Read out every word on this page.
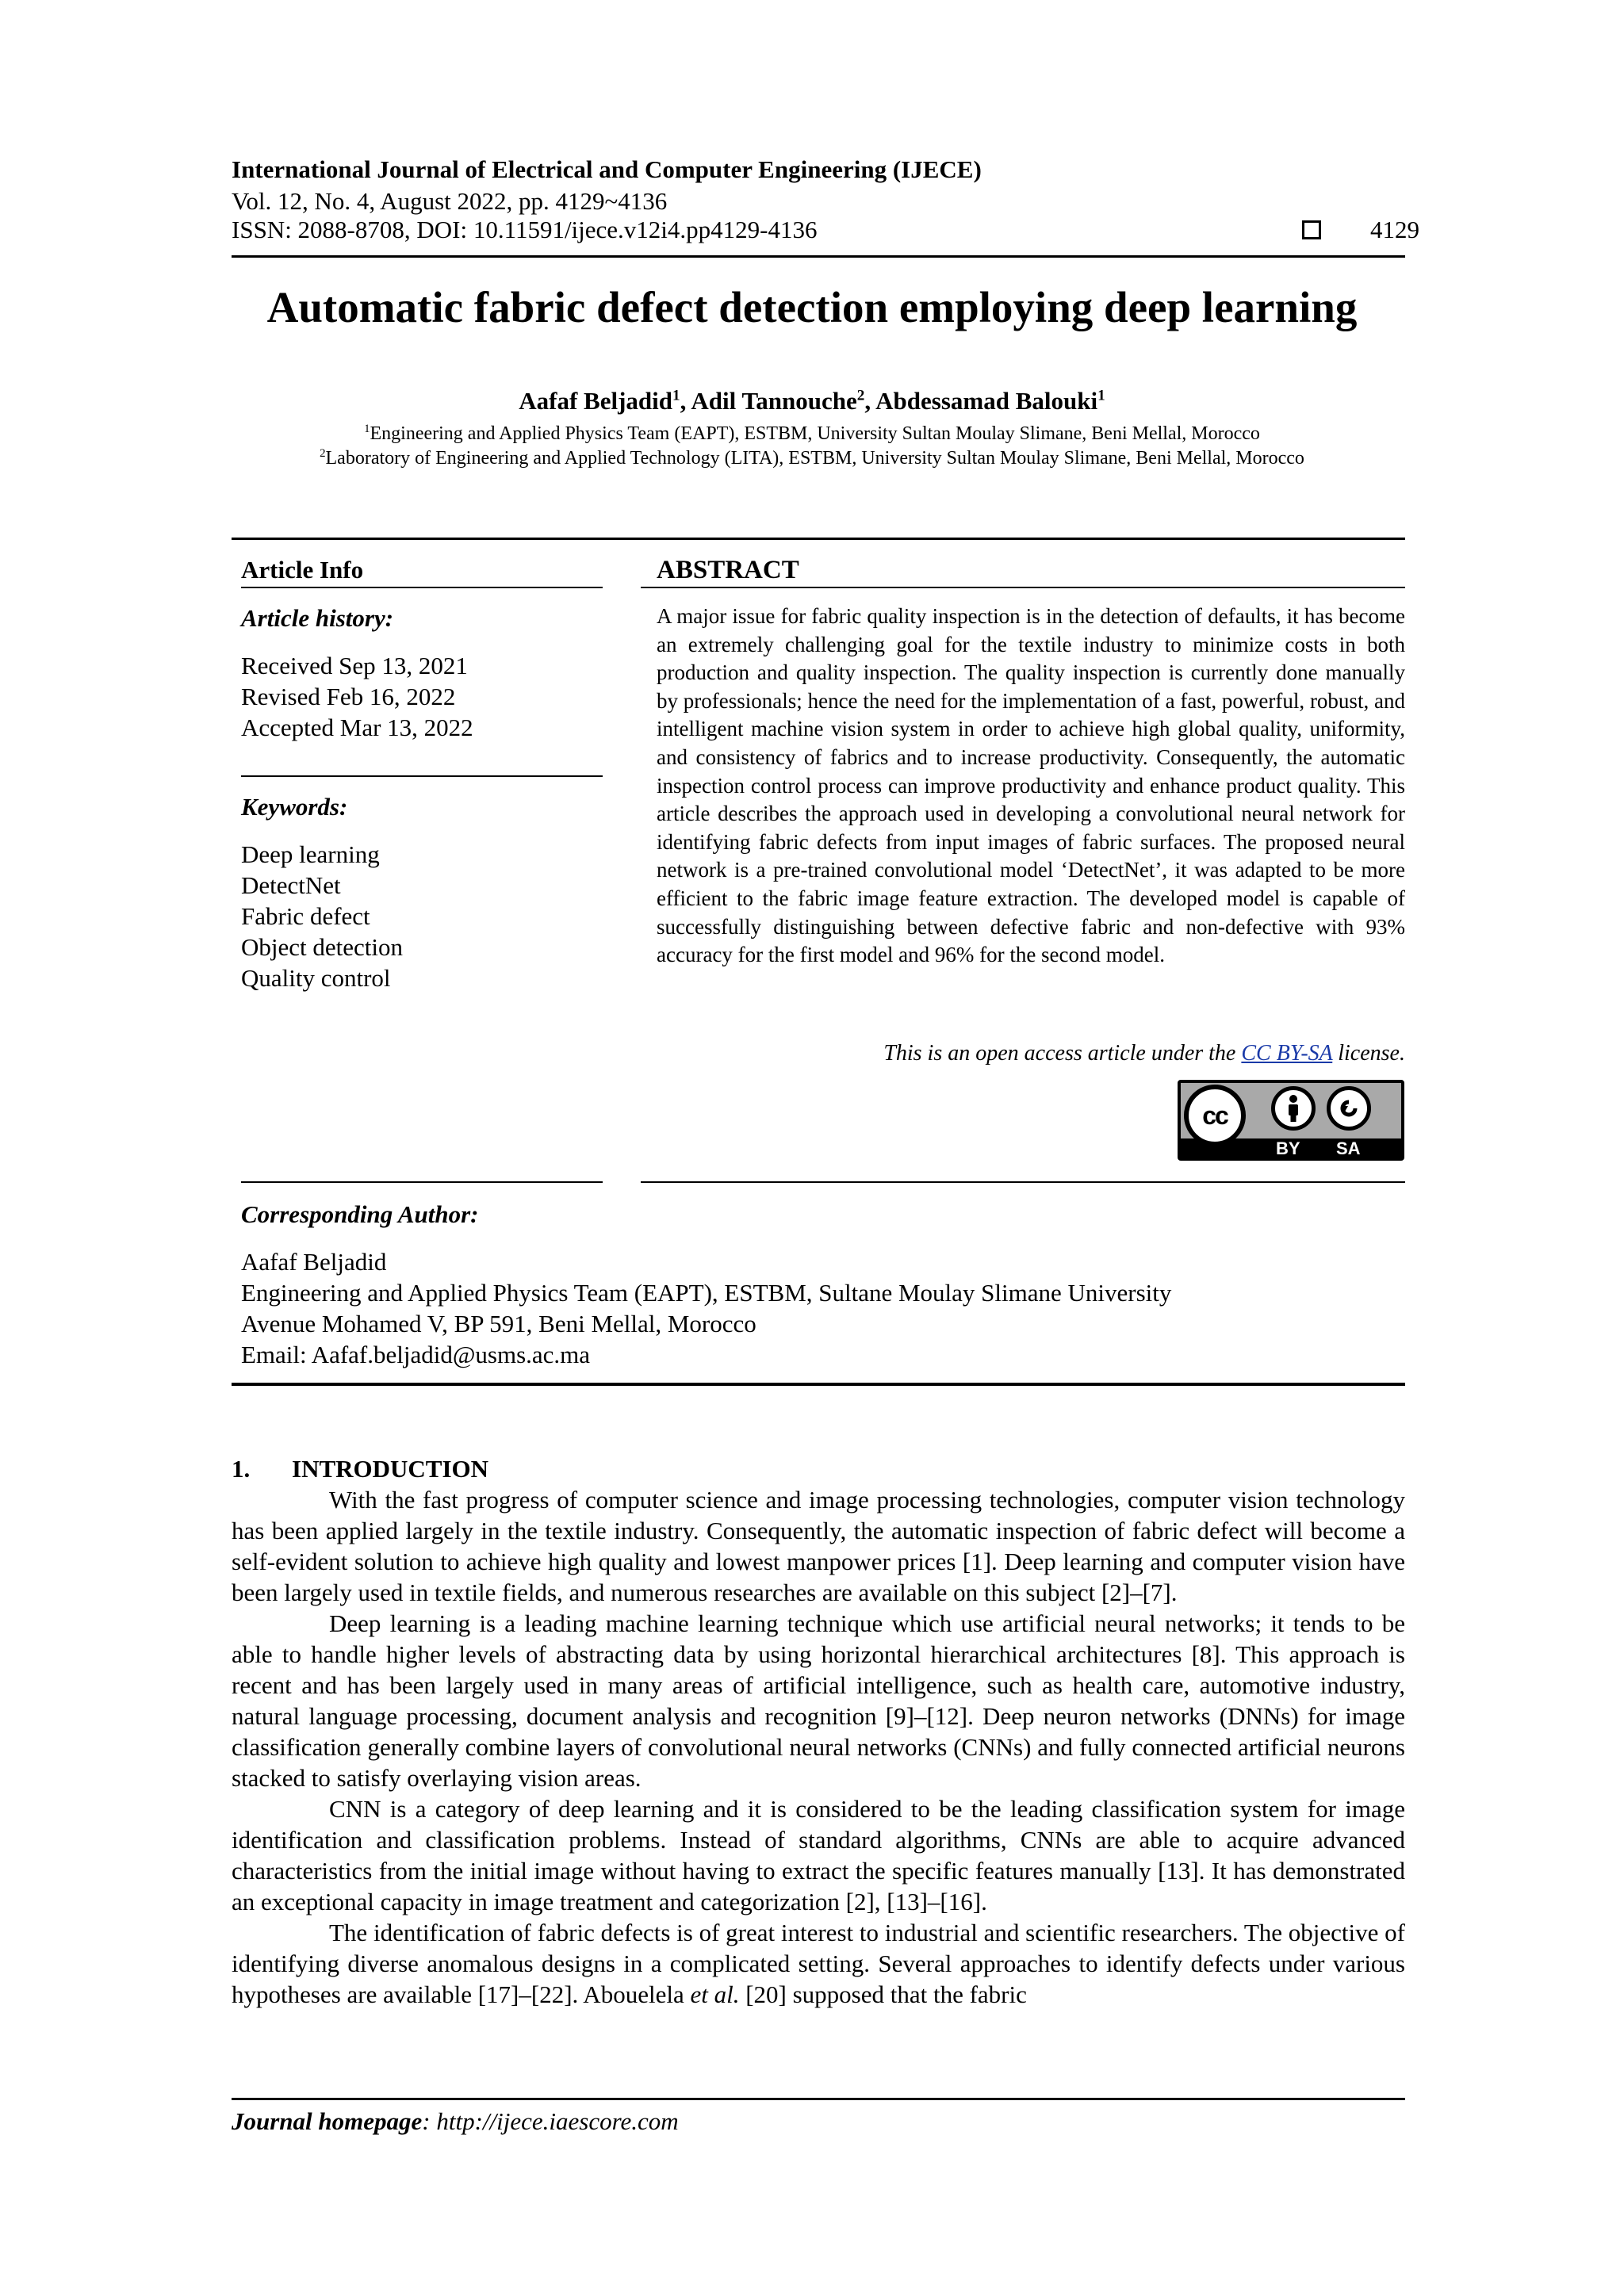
International Journal of Electrical and Computer Engineering (IJECE)
Vol. 12, No. 4, August 2022, pp. 4129~4136
ISSN: 2088-8708, DOI: 10.11591/ijece.v12i4.pp4129-4136	4129
Automatic fabric defect detection employing deep learning
Aafaf Beljadid$^1$, Adil Tannouche$^2$, Abdessamad Balouki$^1$
$^1$Engineering and Applied Physics Team (EAPT), ESTBM, University Sultan Moulay Slimane, Beni Mellal, Morocco
$^2$Laboratory of Engineering and Applied Technology (LITA), ESTBM, University Sultan Moulay Slimane, Beni Mellal, Morocco
Article Info
Article history:
Received Sep 13, 2021
Revised Feb 16, 2022
Accepted Mar 13, 2022
Keywords:
Deep learning
DetectNet
Fabric defect
Object detection
Quality control
ABSTRACT
A major issue for fabric quality inspection is in the detection of defaults, it has become an extremely challenging goal for the textile industry to minimize costs in both production and quality inspection. The quality inspection is currently done manually by professionals; hence the need for the implementation of a fast, powerful, robust, and intelligent machine vision system in order to achieve high global quality, uniformity, and consistency of fabrics and to increase productivity. Consequently, the automatic inspection control process can improve productivity and enhance product quality. This article describes the approach used in developing a convolutional neural network for identifying fabric defects from input images of fabric surfaces. The proposed neural network is a pre-trained convolutional model ‘DetectNet’, it was adapted to be more efficient to the fabric image feature extraction. The developed model is capable of successfully distinguishing between defective fabric and non-defective with 93% accuracy for the first model and 96% for the second model.
This is an open access article under the CC BY-SA license.
cc
BY SA
Corresponding Author:
Aafaf Beljadid
Engineering and Applied Physics Team (EAPT), ESTBM, Sultane Moulay Slimane University
Avenue Mohamed V, BP 591, Beni Mellal, Morocco
Email: Aafaf.beljadid@usms.ac.ma
1. INTRODUCTION

With the fast progress of computer science and image processing technologies, computer vision technology has been applied largely in the textile industry. Consequently, the automatic inspection of fabric defect will become a self-evident solution to achieve high quality and lowest manpower prices [1]. Deep learning and computer vision have been largely used in textile fields, and numerous researches are available on this subject [2]–[7].

Deep learning is a leading machine learning technique which use artificial neural networks; it tends to be able to handle higher levels of abstracting data by using horizontal hierarchical architectures [8]. This approach is recent and has been largely used in many areas of artificial intelligence, such as health care, automotive industry, natural language processing, document analysis and recognition [9]–[12]. Deep neuron networks (DNNs) for image classification generally combine layers of convolutional neural networks (CNNs) and fully connected artificial neurons stacked to satisfy overlaying vision areas.

CNN is a category of deep learning and it is considered to be the leading classification system for image identification and classification problems. Instead of standard algorithms, CNNs are able to acquire advanced characteristics from the initial image without having to extract the specific features manually [13]. It has demonstrated an exceptional capacity in image treatment and categorization [2], [13]–[16].

The identification of fabric defects is of great interest to industrial and scientific researchers. The objective of identifying diverse anomalous designs in a complicated setting. Several approaches to identify defects under various hypotheses are available [17]–[22]. Abouelela et al. [20] supposed that the fabric

Journal homepage: http://ijece.iaescore.com
